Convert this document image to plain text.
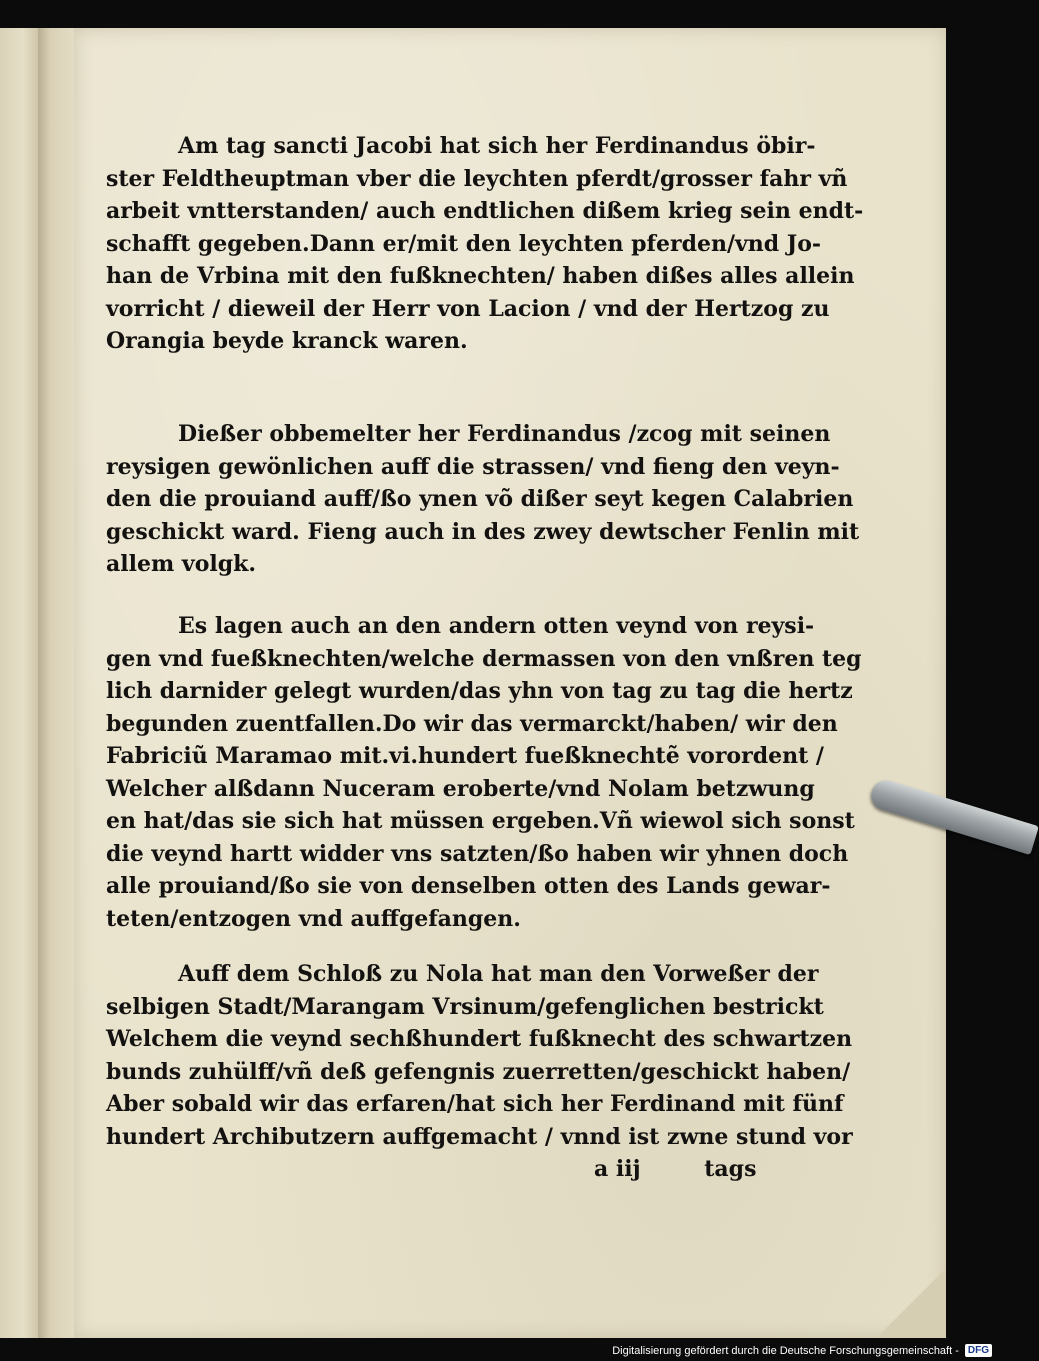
Am tag sancti Jacobi hat sich her Ferdinandus öbir-
ster Feldtheuptman vber die leychten pferdt/grosser fahr vñ
arbeit vntterstanden/ auch endtlichen dißem krieg sein endt-
schafft gegeben.Dann er/mit den leychten pferden/vnd Jo-
han de Vrbina mit den fußknechten/ haben dißes alles allein
vorricht / dieweil der Herr von Lacion / vnd der Hertzog zu
Orangia beyde kranck waren.
Dießer obbemelter her Ferdinandus /zcog mit seinen
reysigen gewönlichen auff die strassen/ vnd fieng den veyn-
den die prouiand auff/ßo ynen võ dißer seyt kegen Calabrien
geschickt ward. Fieng auch in des zwey dewtscher Fenlin mit
allem volgk.
Es lagen auch an den andern otten veynd von reysi-
gen vnd fueßknechten/welche dermassen von den vnßren teg
lich darnider gelegt wurden/das yhn von tag zu tag die hertz
begunden zuentfallen.Do wir das vermarckt/haben/ wir den
Fabriciũ Maramao mit.vi.hundert fueßknechtẽ vorordent /
Welcher alßdann Nuceram eroberte/vnd Nolam betzwung
en hat/das sie sich hat müssen ergeben.Vñ wiewol sich sonst
die veynd hartt widder vns satzten/ßo haben wir yhnen doch
alle prouiand/ßo sie von denselben otten des Lands gewar-
teten/entzogen vnd auffgefangen.
Auff dem Schloß zu Nola hat man den Vorweßer der
selbigen Stadt/Marangam Vrsinum/gefenglichen bestrickt
Welchem die veynd sechßhundert fußknecht des schwartzen
bunds zuhülff/vñ deß gefengnis zuerretten/geschickt haben/
Aber sobald wir das erfaren/hat sich her Ferdinand mit fünf
hundert Archibutzern auffgemacht / vnnd ist zwne stund vor
a iij	tags
Digitalisierung gefördert durch die Deutsche Forschungsgemeinschaft - DFG
